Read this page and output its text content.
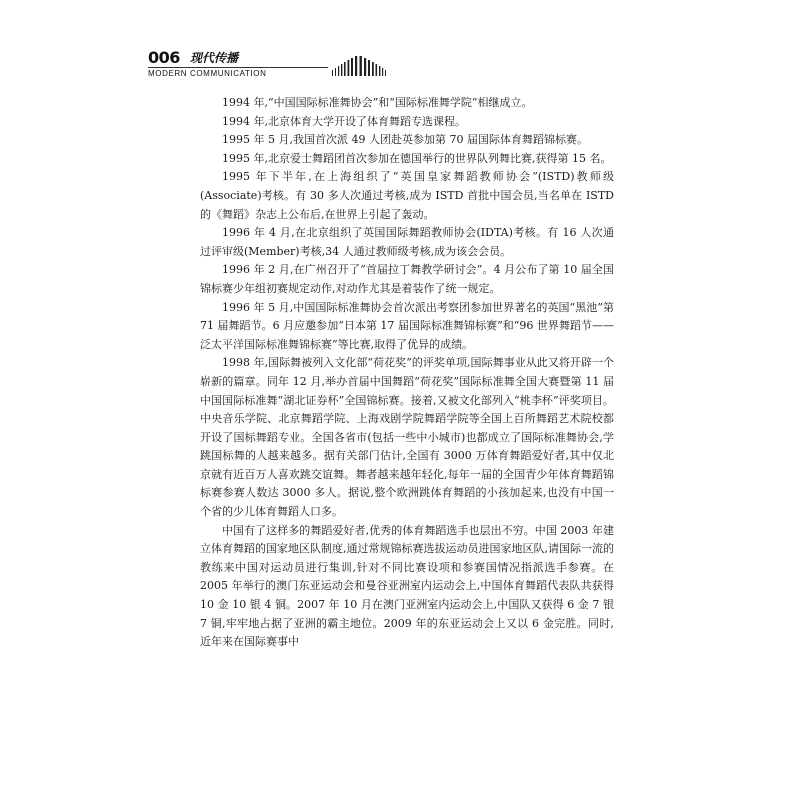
006 现代传播
MODERN COMMUNICATION

1994 年,“中国国际标准舞协会”和“国际标准舞学院”相继成立。

1994 年,北京体育大学开设了体育舞蹈专选课程。

1995 年 5 月,我国首次派 49 人团赴英参加第 70 届国际体育舞蹈锦标赛。

1995 年,北京爱士舞蹈团首次参加在德国举行的世界队列舞比赛,获得第 15 名。

1995 年下半年,在上海组织了“英国皇家舞蹈教师协会”(ISTD)教师级(Associate)考核。有 30 多人次通过考核,成为 ISTD 首批中国会员,当名单在 ISTD 的《舞蹈》杂志上公布后,在世界上引起了轰动。

1996 年 4 月,在北京组织了英国国际舞蹈教师协会(IDTA)考核。有 16 人次通过评审级(Member)考核,34 人通过教师级考核,成为该会会员。

1996 年 2 月,在广州召开了“首届拉丁舞教学研讨会”。4 月公布了第 10 届全国锦标赛少年组初赛规定动作,对动作尤其是着装作了统一规定。

1996 年 5 月,中国国际标准舞协会首次派出考察团参加世界著名的英国“黑池”第 71 届舞蹈节。6 月应邀参加“日本第 17 届国际标准舞锦标赛”和“96 世界舞蹈节——泛太平洋国际标准舞锦标赛”等比赛,取得了优异的成绩。

1998 年,国际舞被列入文化部“荷花奖”的评奖单项,国际舞事业从此又将开辟一个崭新的篇章。同年 12 月,举办首届中国舞蹈“荷花奖”国际标准舞全国大赛暨第 11 届中国国际标准舞“湖北证券杯”全国锦标赛。接着,又被文化部列入“桃李杯”评奖项目。中央音乐学院、北京舞蹈学院、上海戏剧学院舞蹈学院等全国上百所舞蹈艺术院校都开设了国标舞蹈专业。全国各省市(包括一些中小城市)也都成立了国际标准舞协会,学跳国标舞的人越来越多。据有关部门估计,全国有 3000 万体育舞蹈爱好者,其中仅北京就有近百万人喜欢跳交谊舞。舞者越来越年轻化,每年一届的全国青少年体育舞蹈锦标赛参赛人数达 3000 多人。据说,整个欧洲跳体育舞蹈的小孩加起来,也没有中国一个省的少儿体育舞蹈人口多。

中国有了这样多的舞蹈爱好者,优秀的体育舞蹈选手也层出不穷。中国 2003 年建立体育舞蹈的国家地区队制度,通过常规锦标赛选拔运动员进国家地区队,请国际一流的教练来中国对运动员进行集训,针对不同比赛设项和参赛国情况指派选手参赛。在 2005 年举行的澳门东亚运动会和曼谷亚洲室内运动会上,中国体育舞蹈代表队共获得 10 金 10 银 4 铜。2007 年 10 月在澳门亚洲室内运动会上,中国队又获得 6 金 7 银 7 铜,牢牢地占据了亚洲的霸主地位。2009 年的东亚运动会上又以 6 金完胜。同时,近年来在国际赛事中
